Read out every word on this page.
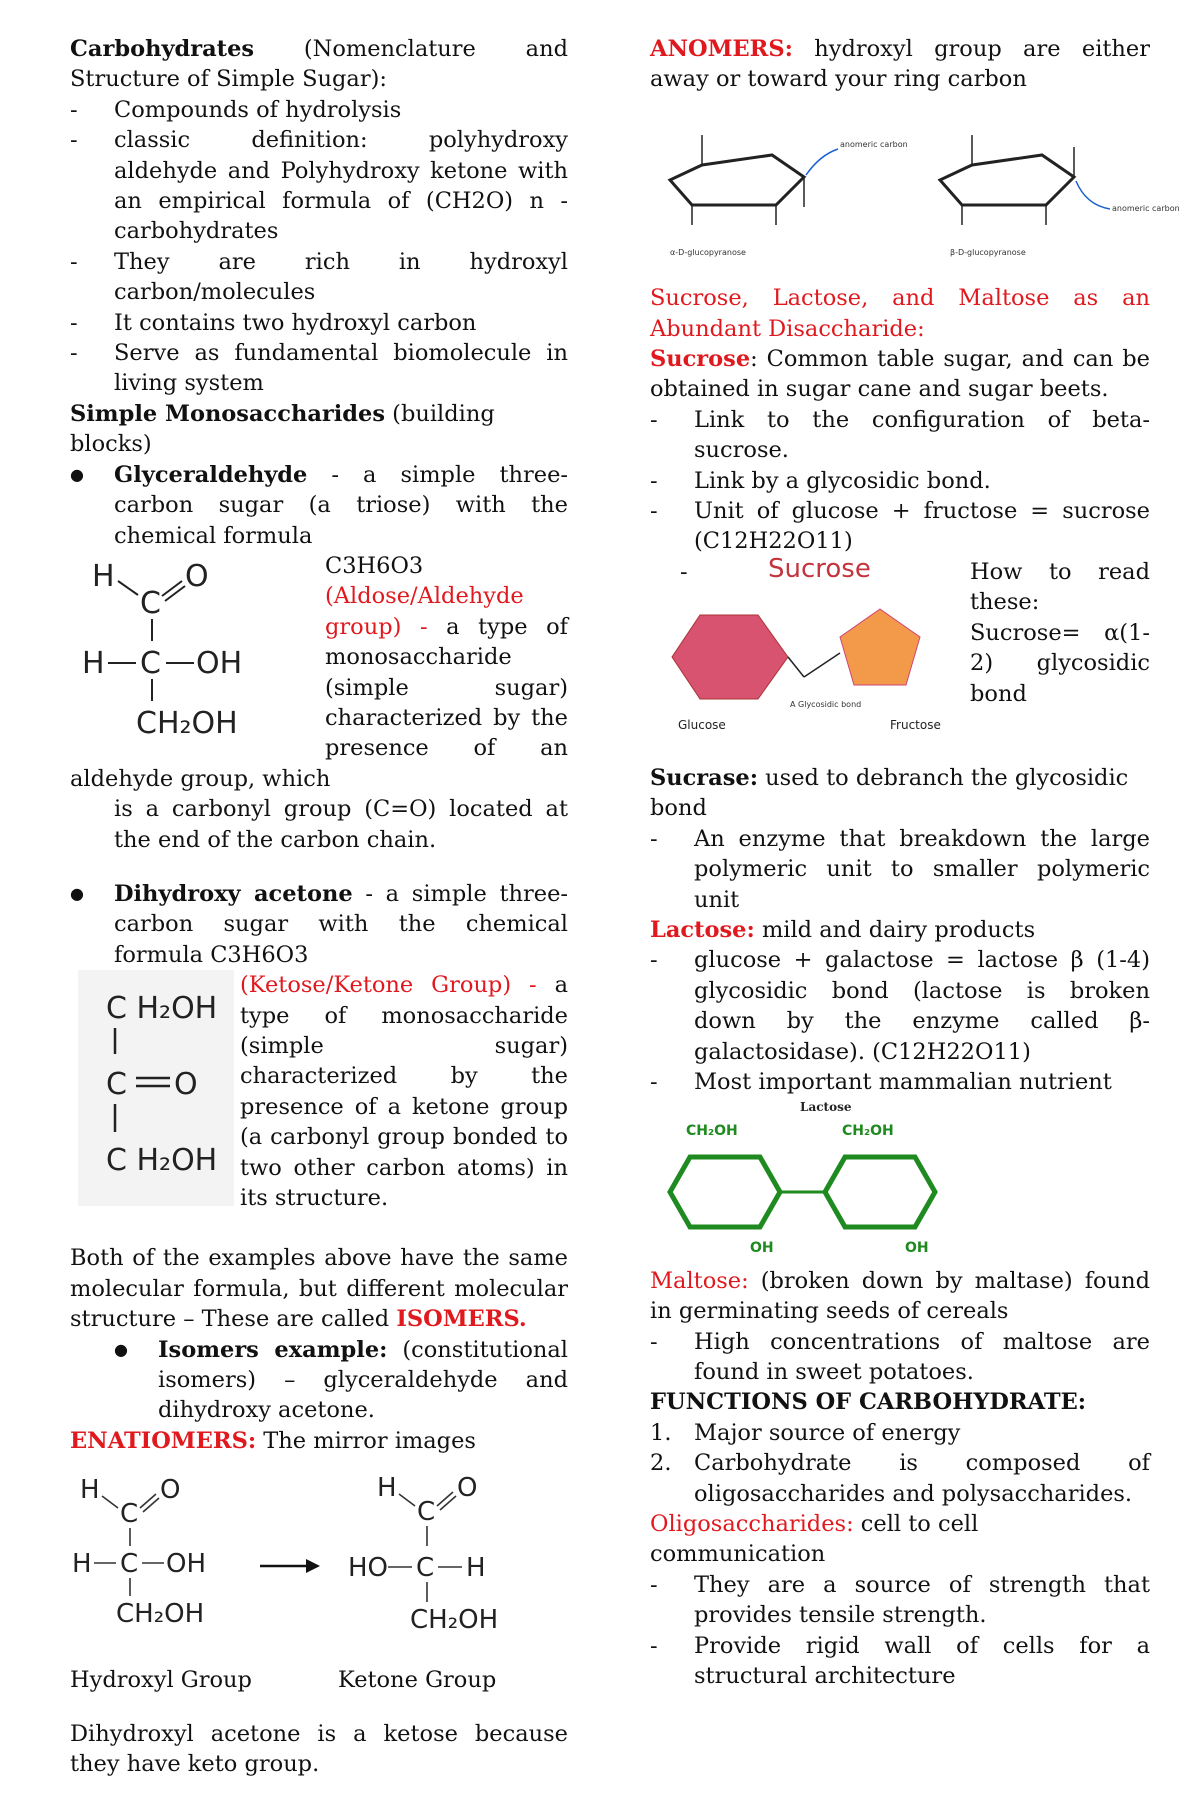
Carbohydrates (Nomenclature and Structure of Simple Sugar):

- Compounds of hydrolysis
- classic definition: polyhydroxy aldehyde and Polyhydroxy ketone with an empirical formula of (CH2O) n - carbohydrates
- They are rich in hydroxyl carbon/molecules
- It contains two hydroxyl carbon
- Serve as fundamental biomolecule in living system

Simple Monosaccharides (building blocks)

● Glyceraldehyde - a simple three-carbon sugar (a triose) with the chemical formula
H
C
O
H C OH
CH₂OH

C3H6O3

(Aldose/Aldehyde group) - a type of monosaccharide (simple sugar) characterized by the presence of an aldehyde group, which

is a carbonyl group (C=O) located at the end of the carbon chain.

● Dihydroxy acetone - a simple three-carbon sugar with the chemical formula C3H6O3
C H₂OH
C O
C H₂OH

(Ketose/Ketone Group) - a type of monosaccharide (simple sugar) characterized by the presence of a ketone group (a carbonyl group bonded to two other carbon atoms) in its structure.

Both of the examples above have the same molecular formula, but different molecular structure – These are called ISOMERS.

● Isomers example: (constitutional isomers) – glyceraldehyde and dihydroxy acetone.

ENATIOMERS: The mirror images

H
C
O
H C OH
CH₂OH
H
C
O
HO C H
CH₂OH
Hydroxyl Group	Ketone Group

Dihydroxyl acetone is a ketose because they have keto group.

ANOMERS: hydroxyl group are either away or toward your ring carbon

anomeric carbon
α-D-glucopyranose
anomeric carbon
β-D-glucopyranose

Sucrose, Lactose, and Maltose as an Abundant Disaccharide:

Sucrose: Common table sugar, and can be obtained in sugar cane and sugar beets.

- Link to the configuration of beta-sucrose.
- Link by a glycosidic bond.
- Unit of glucose + fructose = sucrose (C12H22O11)
Sucrose
A Glycosidic bond
Glucose	Fructose
- How to read these: Sucrose= α(1-2) glycosidic bond

Sucrase: used to debranch the glycosidic bond

- An enzyme that breakdown the large polymeric unit to smaller polymeric unit

Lactose: mild and dairy products

- glucose + galactose = lactose β (1-4) glycosidic bond (lactose is broken down by the enzyme called β- galactosidase). (C12H22O11)
- Most important mammalian nutrient
Lactose
CH₂OH	CH₂OH
OH	OH

Maltose: (broken down by maltase) found in germinating seeds of cereals

- High concentrations of maltose are found in sweet potatoes.

FUNCTIONS OF CARBOHYDRATE:

1. Major source of energy
2. Carbohydrate is composed of oligosaccharides and polysaccharides.

Oligosaccharides: cell to cell communication

- They are a source of strength that provides tensile strength.
- Provide rigid wall of cells for a structural architecture
